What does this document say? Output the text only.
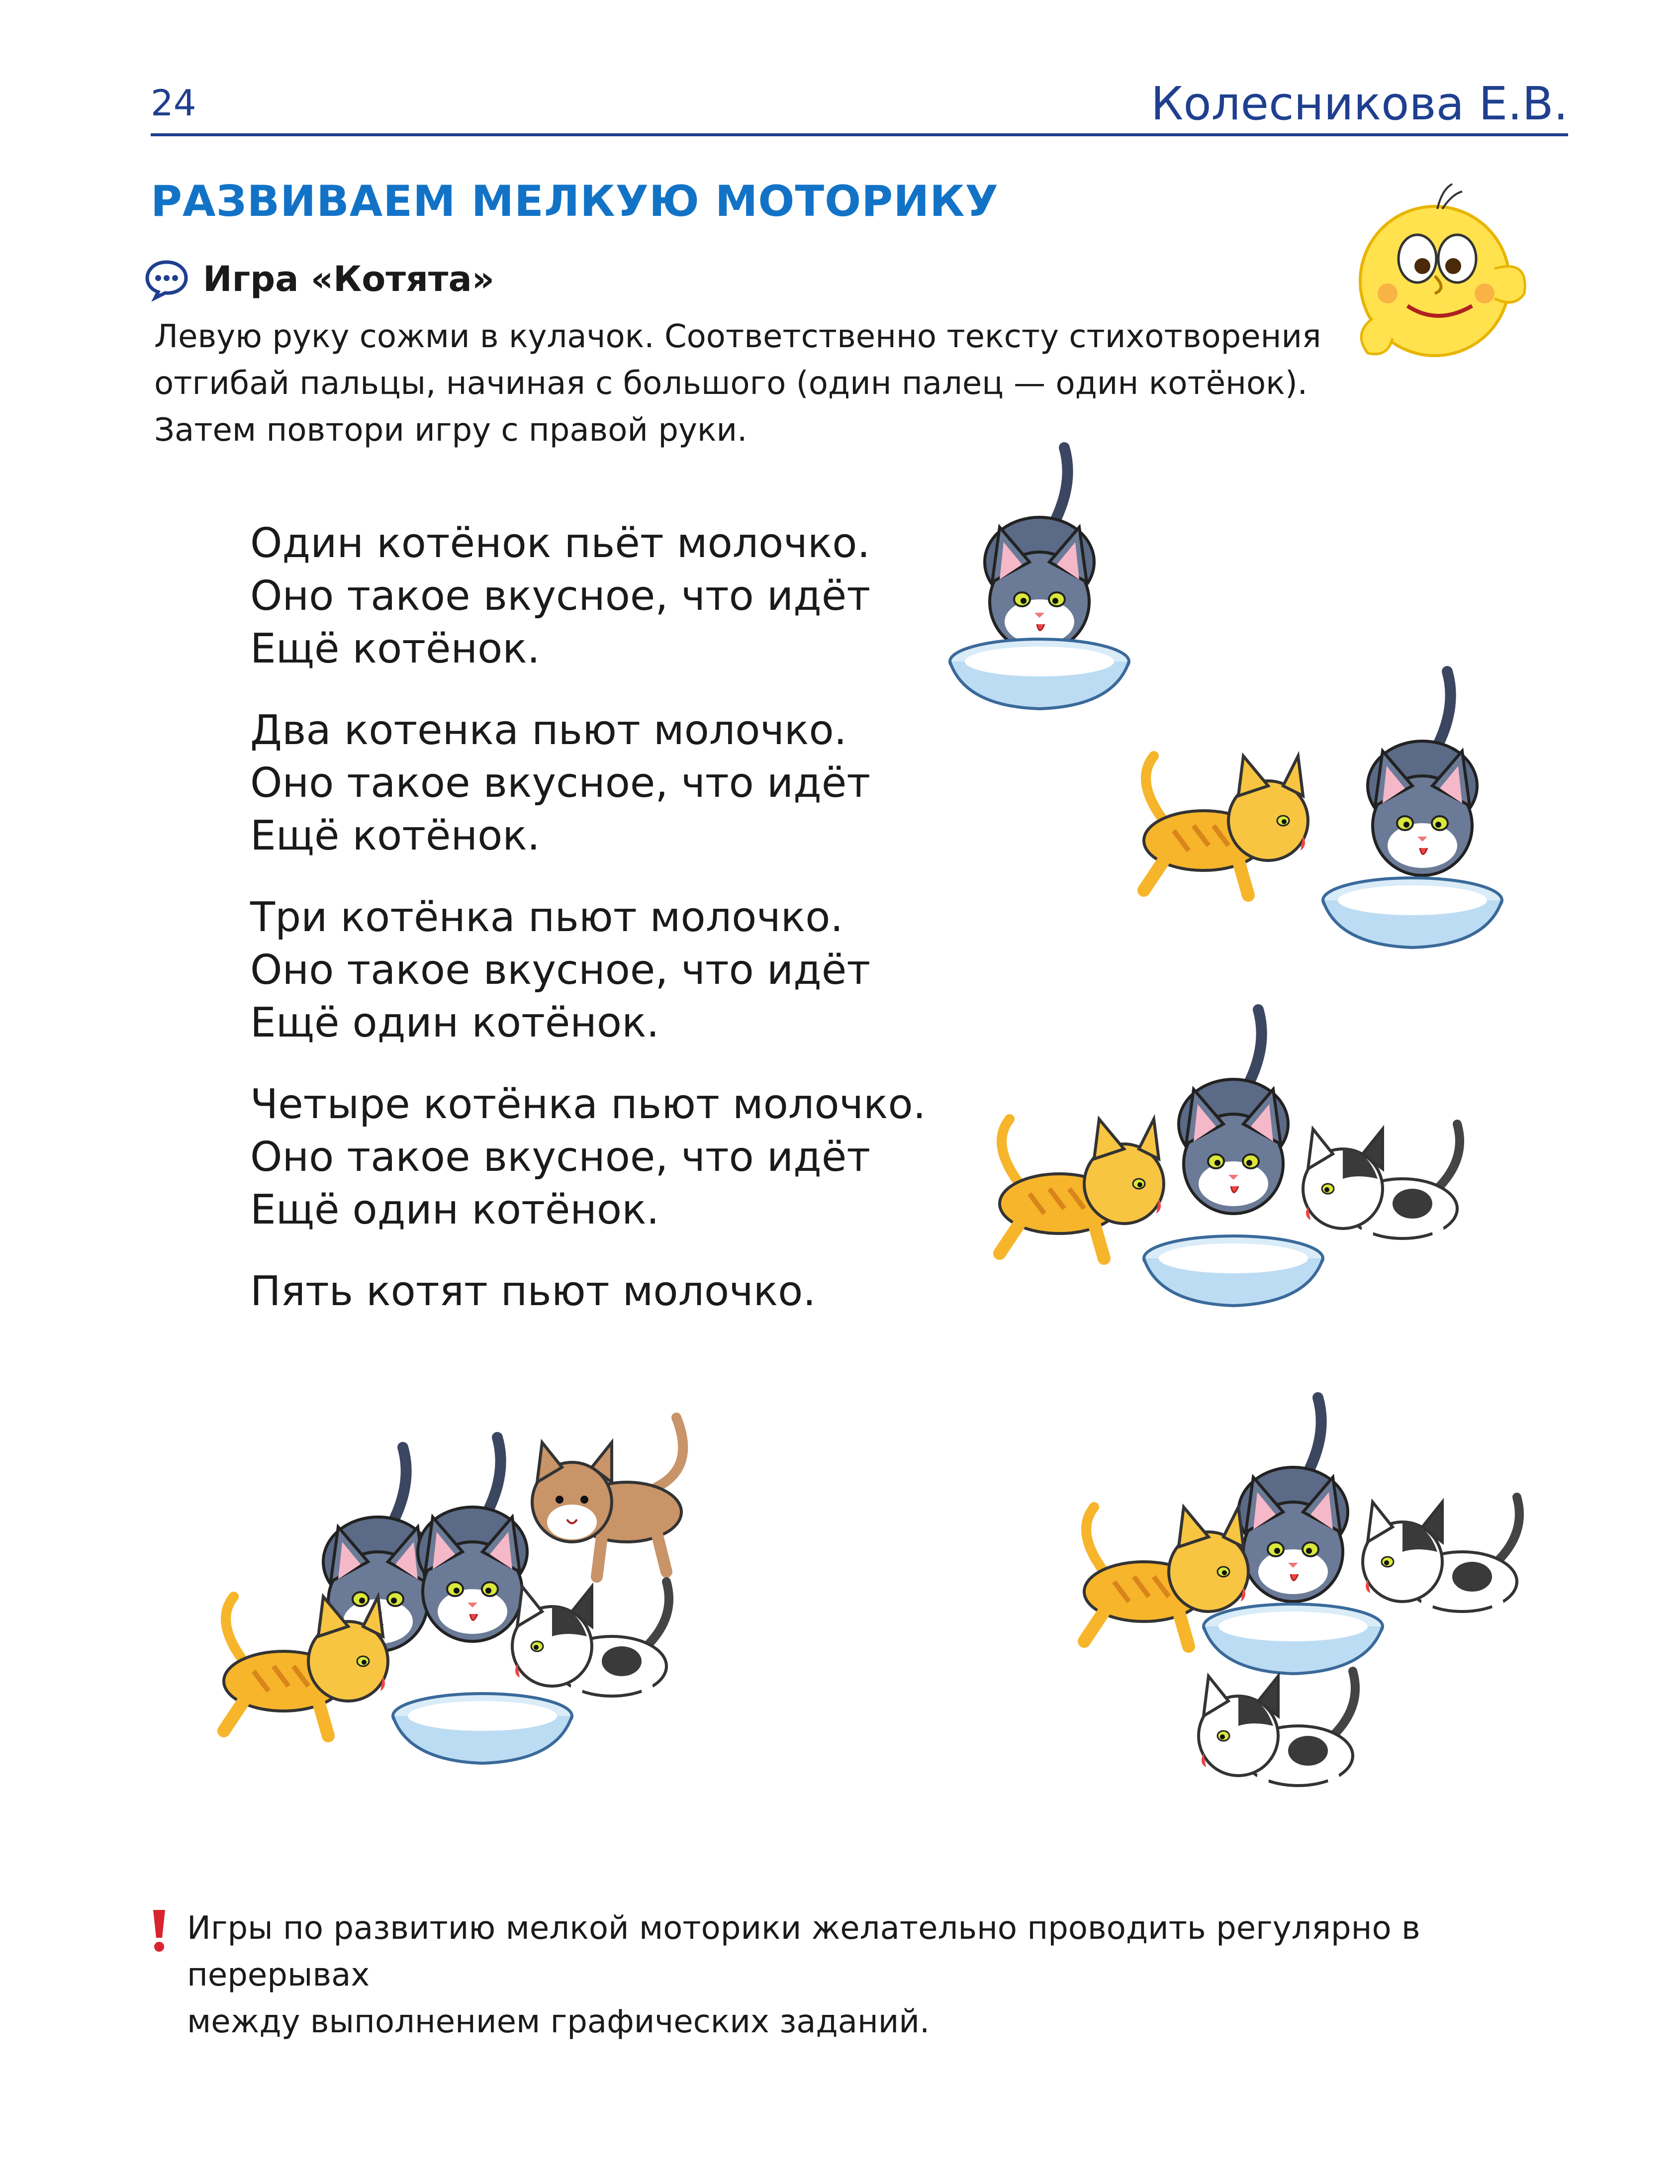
24	Колесникова Е.В.
РАЗВИВАЕМ МЕЛКУЮ МОТОРИКУ
Игра «Котята»
Левую руку сожми в кулачок. Соответственно тексту стихотворения
отгибай пальцы, начиная с большого (один палец — один котёнок).
Затем повтори игру с правой руки.
Один котёнок пьёт молочко.
Оно такое вкусное, что идёт
Ещё котёнок.
Два котенка пьют молочко.
Оно такое вкусное, что идёт
Ещё котёнок.
Три котёнка пьют молочко.
Оно такое вкусное, что идёт
Ещё один котёнок.
Четыре котёнка пьют молочко.
Оно такое вкусное, что идёт
Ещё один котёнок.
Пять котят пьют молочко.
Игры по развитию мелкой моторики желательно проводить регулярно в перерывах
между выполнением графических заданий.
